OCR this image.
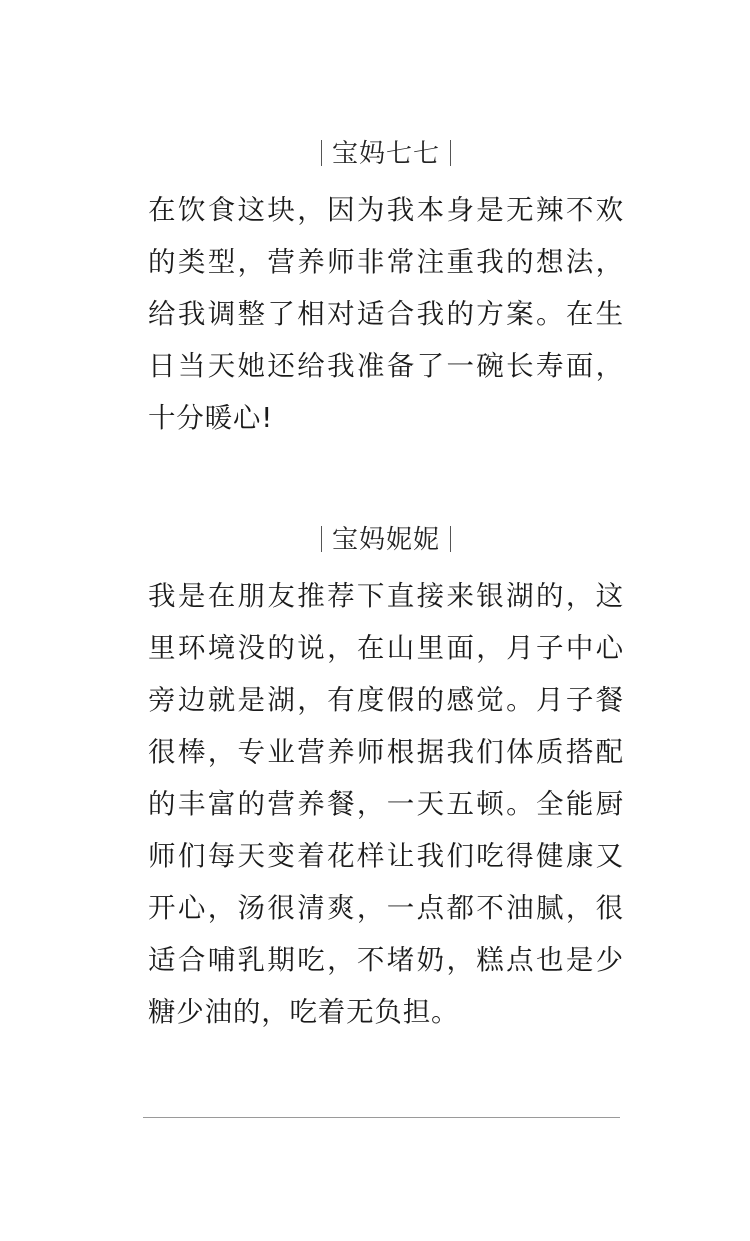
宝妈七七

在饮食这块，因为我本身是无辣不欢的类型，营养师非常注重我的想法，给我调整了相对适合我的方案。在生日当天她还给我准备了一碗长寿面，十分暖心!

宝妈妮妮

我是在朋友推荐下直接来银湖的，这里环境没的说，在山里面，月子中心旁边就是湖，有度假的感觉。月子餐很棒，专业营养师根据我们体质搭配的丰富的营养餐，一天五顿。全能厨师们每天变着花样让我们吃得健康又开心，汤很清爽，一点都不油腻，很适合哺乳期吃，不堵奶，糕点也是少糖少油的，吃着无负担。
